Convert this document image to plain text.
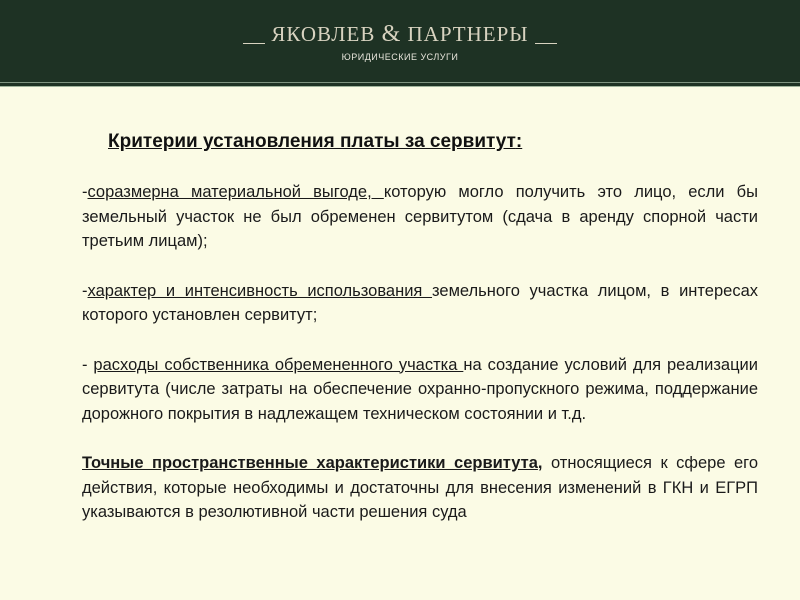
ЯКОВЛЕВ & ПАРТНЕРЫ
ЮРИДИЧЕСКИЕ УСЛУГИ
Критерии установления платы за сервитут:

-соразмерна материальной выгоде, которую могло получить это лицо, если бы земельный участок не был обременен сервитутом (сдача в аренду спорной части третьим лицам);

-характер и интенсивность использования земельного участка лицом, в интересах которого установлен сервитут;

- расходы собственника обремененного участка на создание условий для реализации сервитута (числе затраты на обеспечение охранно-пропускного режима, поддержание дорожного покрытия в надлежащем техническом состоянии и т.д.

Точные пространственные характеристики сервитута, относящиеся к сфере его действия, которые необходимы и достаточны для внесения изменений в ГКН и ЕГРП указываются в резолютивной части решения суда
